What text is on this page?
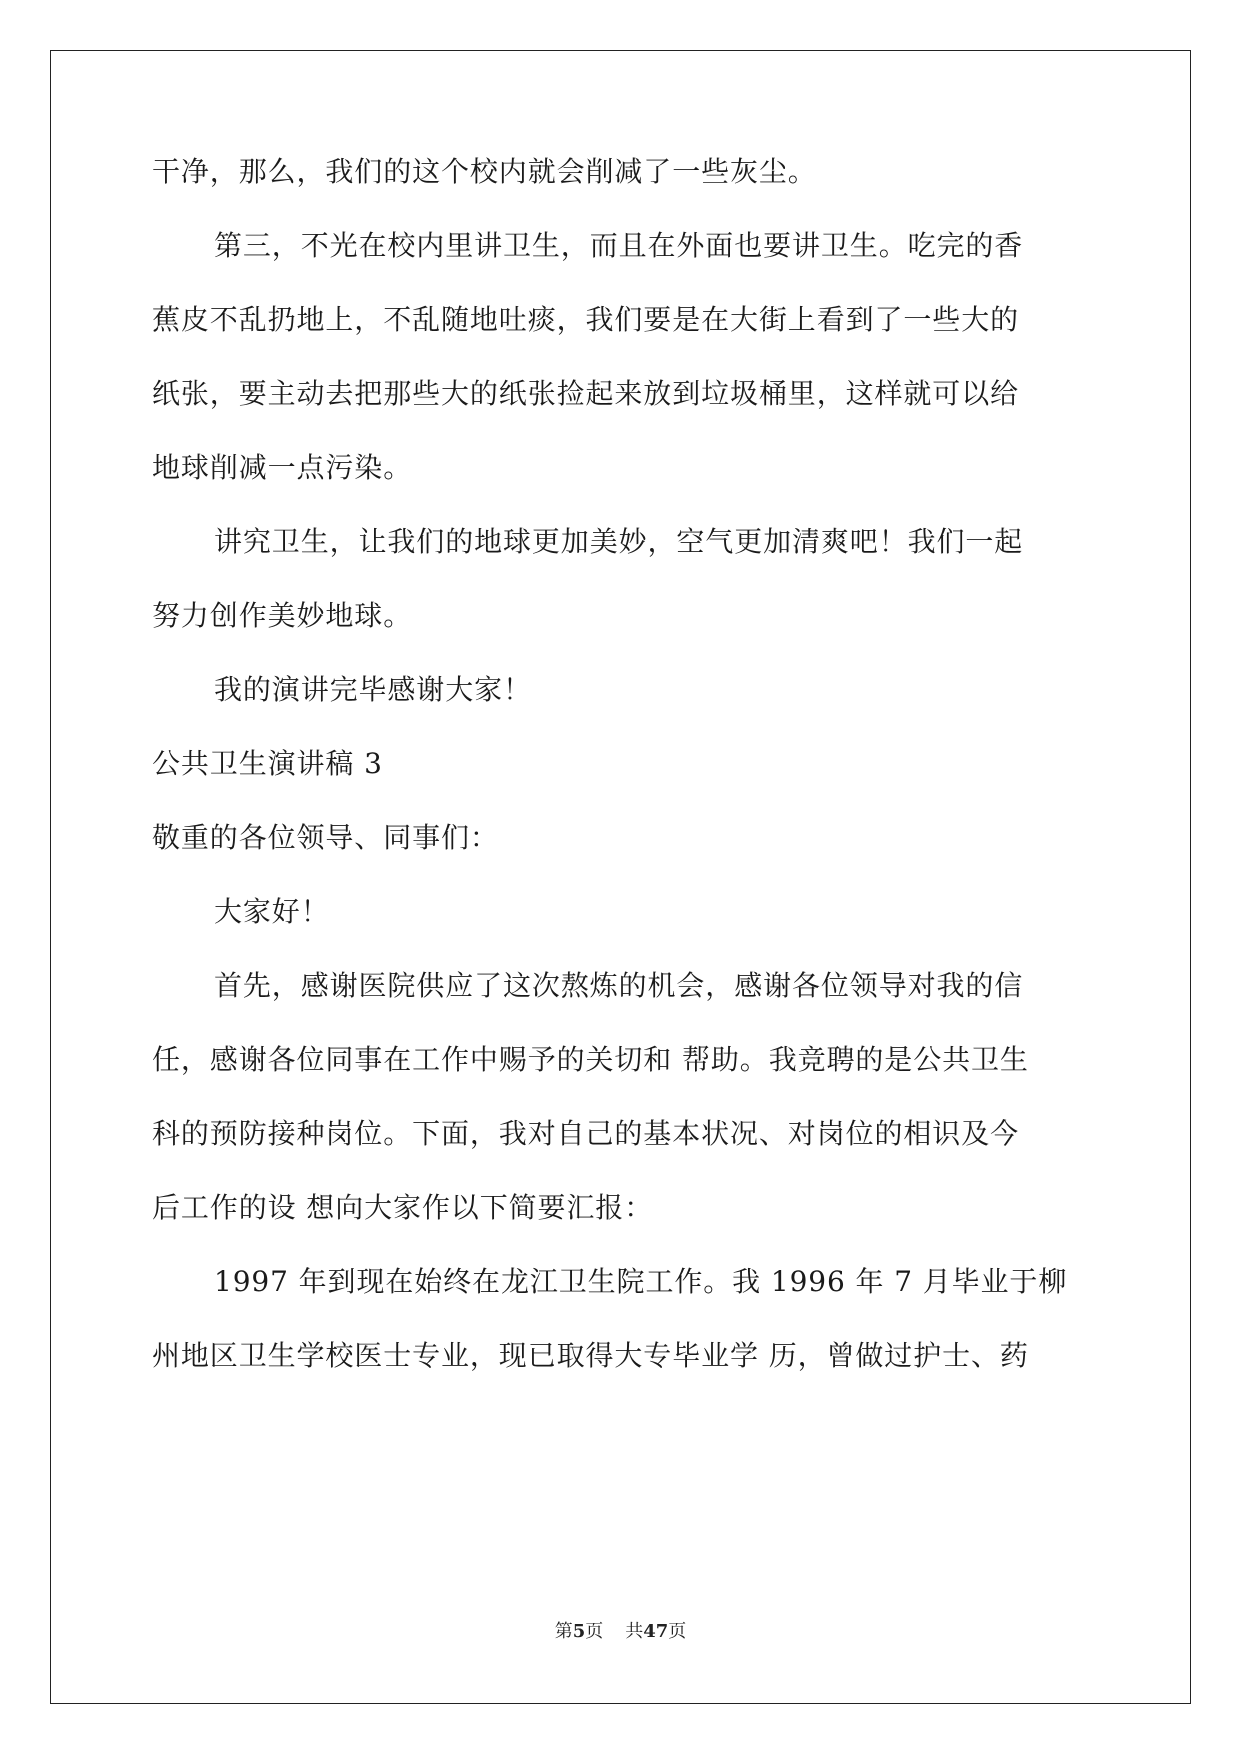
干净，那么，我们的这个校内就会削减了一些灰尘。
第三，不光在校内里讲卫生，而且在外面也要讲卫生。吃完的香
蕉皮不乱扔地上，不乱随地吐痰，我们要是在大街上看到了一些大的
纸张，要主动去把那些大的纸张捡起来放到垃圾桶里，这样就可以给
地球削减一点污染。
讲究卫生，让我们的地球更加美妙，空气更加清爽吧！我们一起
努力创作美妙地球。
我的演讲完毕感谢大家！
公共卫生演讲稿 3
敬重的各位领导、同事们：
大家好！
首先，感谢医院供应了这次熬炼的机会，感谢各位领导对我的信
任，感谢各位同事在工作中赐予的关切和 帮助。我竞聘的是公共卫生
科的预防接种岗位。下面，我对自己的基本状况、对岗位的相识及今
后工作的设 想向大家作以下简要汇报：
1997 年到现在始终在龙江卫生院工作。我 1996 年 7 月毕业于柳
州地区卫生学校医士专业，现已取得大专毕业学 历，曾做过护士、药
第5页 共47页
